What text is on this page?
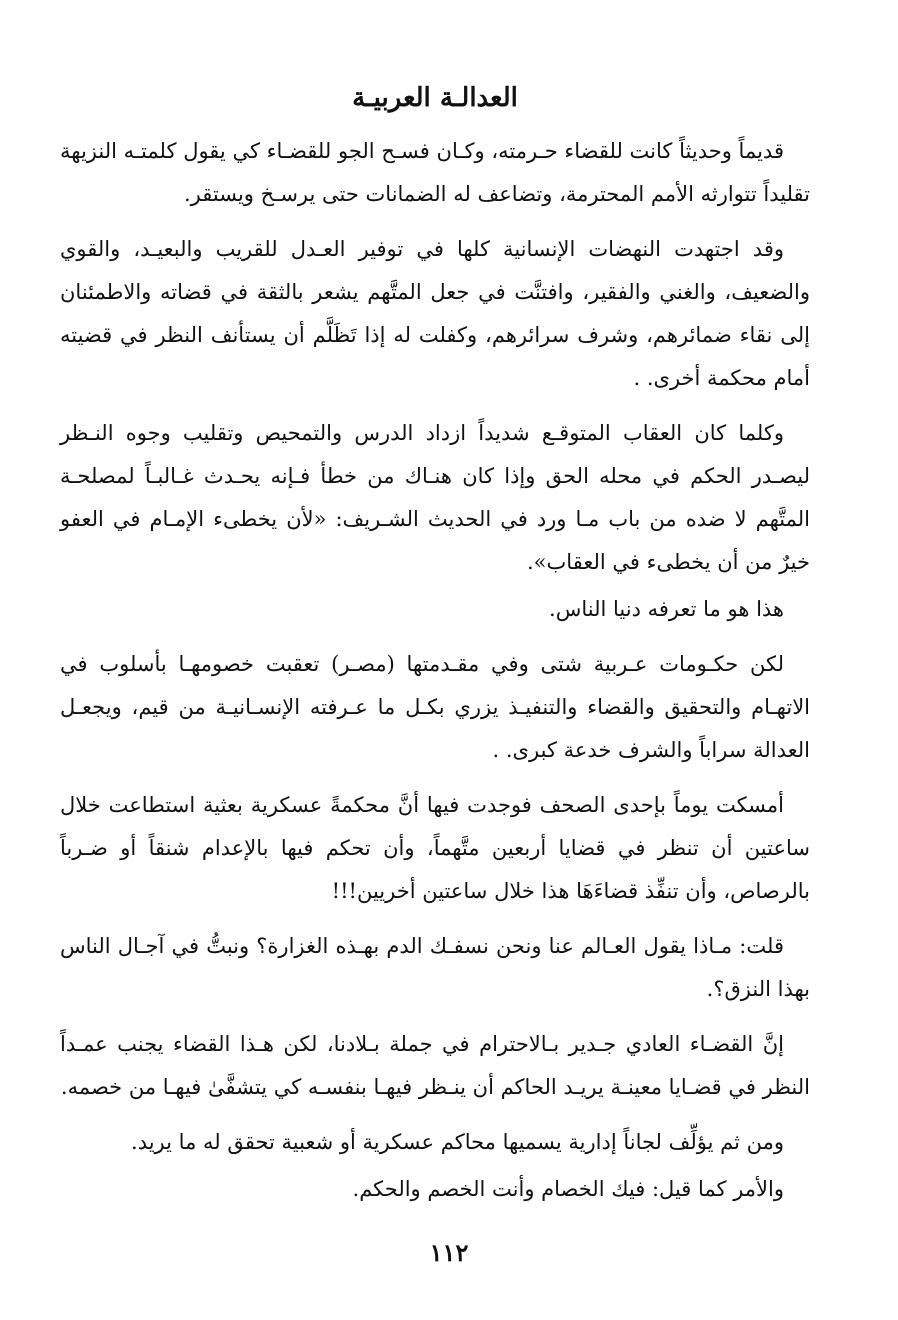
العدالـة العربيـة

قديماً وحديثاً كانت للقضاء حـرمته، وكـان فسـح الجو للقضـاء كي يقول كلمتـه النزيهة تقليداً تتوارثه الأمم المحترمة، وتضاعف له الضمانات حتى يرسـخ ويستقر.

وقد اجتهدت النهضات الإنسانية كلها في توفير العـدل للقريب والبعيـد، والقوي والضعيف، والغني والفقير، وافتنَّت في جعل المتَّهم يشعر بالثقة في قضاته والاطمئنان إلى نقاء ضمائرهم، وشرف سرائرهم، وكفلت له إذا تَظَلَّم أن يستأنف النظر في قضيته أمام محكمة أخرى. .

وكلما كان العقاب المتوقـع شديداً ازداد الدرس والتمحيص وتقليب وجوه النـظر ليصـدر الحكم في محله الحق وإذا كان هنـاك من خطأ فـإنه يحـدث غـالبـاً لمصلحـة المتَّهم لا ضده من باب مـا ورد في الحديث الشـريف: «لأن يخطىء الإمـام في العفو خيرٌ من أن يخطىء في العقاب».

هذا هو ما تعرفه دنيا الناس.

لكن حكـومات عـربية شتى وفي مقـدمتها (مصـر) تعقبت خصومهـا بأسلوب في الاتهـام والتحقيق والقضاء والتنفيـذ يزري بكـل ما عـرفته الإنسـانيـة من قيم، ويجعـل العدالة سراباً والشرف خدعة كبرى. .

أمسكت يوماً بإحدى الصحف فوجدت فيها أنَّ محكمةً عسكرية بعثية استطاعت خلال ساعتين أن تنظر في قضايا أربعين متَّهماً، وأن تحكم فيها بالإعدام شنقاً أو ضـرباً بالرصاص، وأن تنفِّذ قضاءَهَا هذا خلال ساعتين أخريين!!!

قلت: مـاذا يقول العـالم عنا ونحن نسفـك الدم بهـذه الغزارة؟ ونبتُّ في آجـال الناس بهذا النزق؟.

إنَّ القضـاء العادي جـدير بـالاحترام في جملة بـلادنا، لكن هـذا القضاء يجنب عمـداً النظر في قضـايا معينـة يريـد الحاكم أن ينـظر فيهـا بنفسـه كي يتشفَّىٰ فيهـا من خصمه.

ومن ثم يؤلِّف لجاناً إدارية يسميها محاكم عسكرية أو شعبية تحقق له ما يريد.

والأمر كما قيل: فيك الخصام وأنت الخصم والحكم.

١١٢
